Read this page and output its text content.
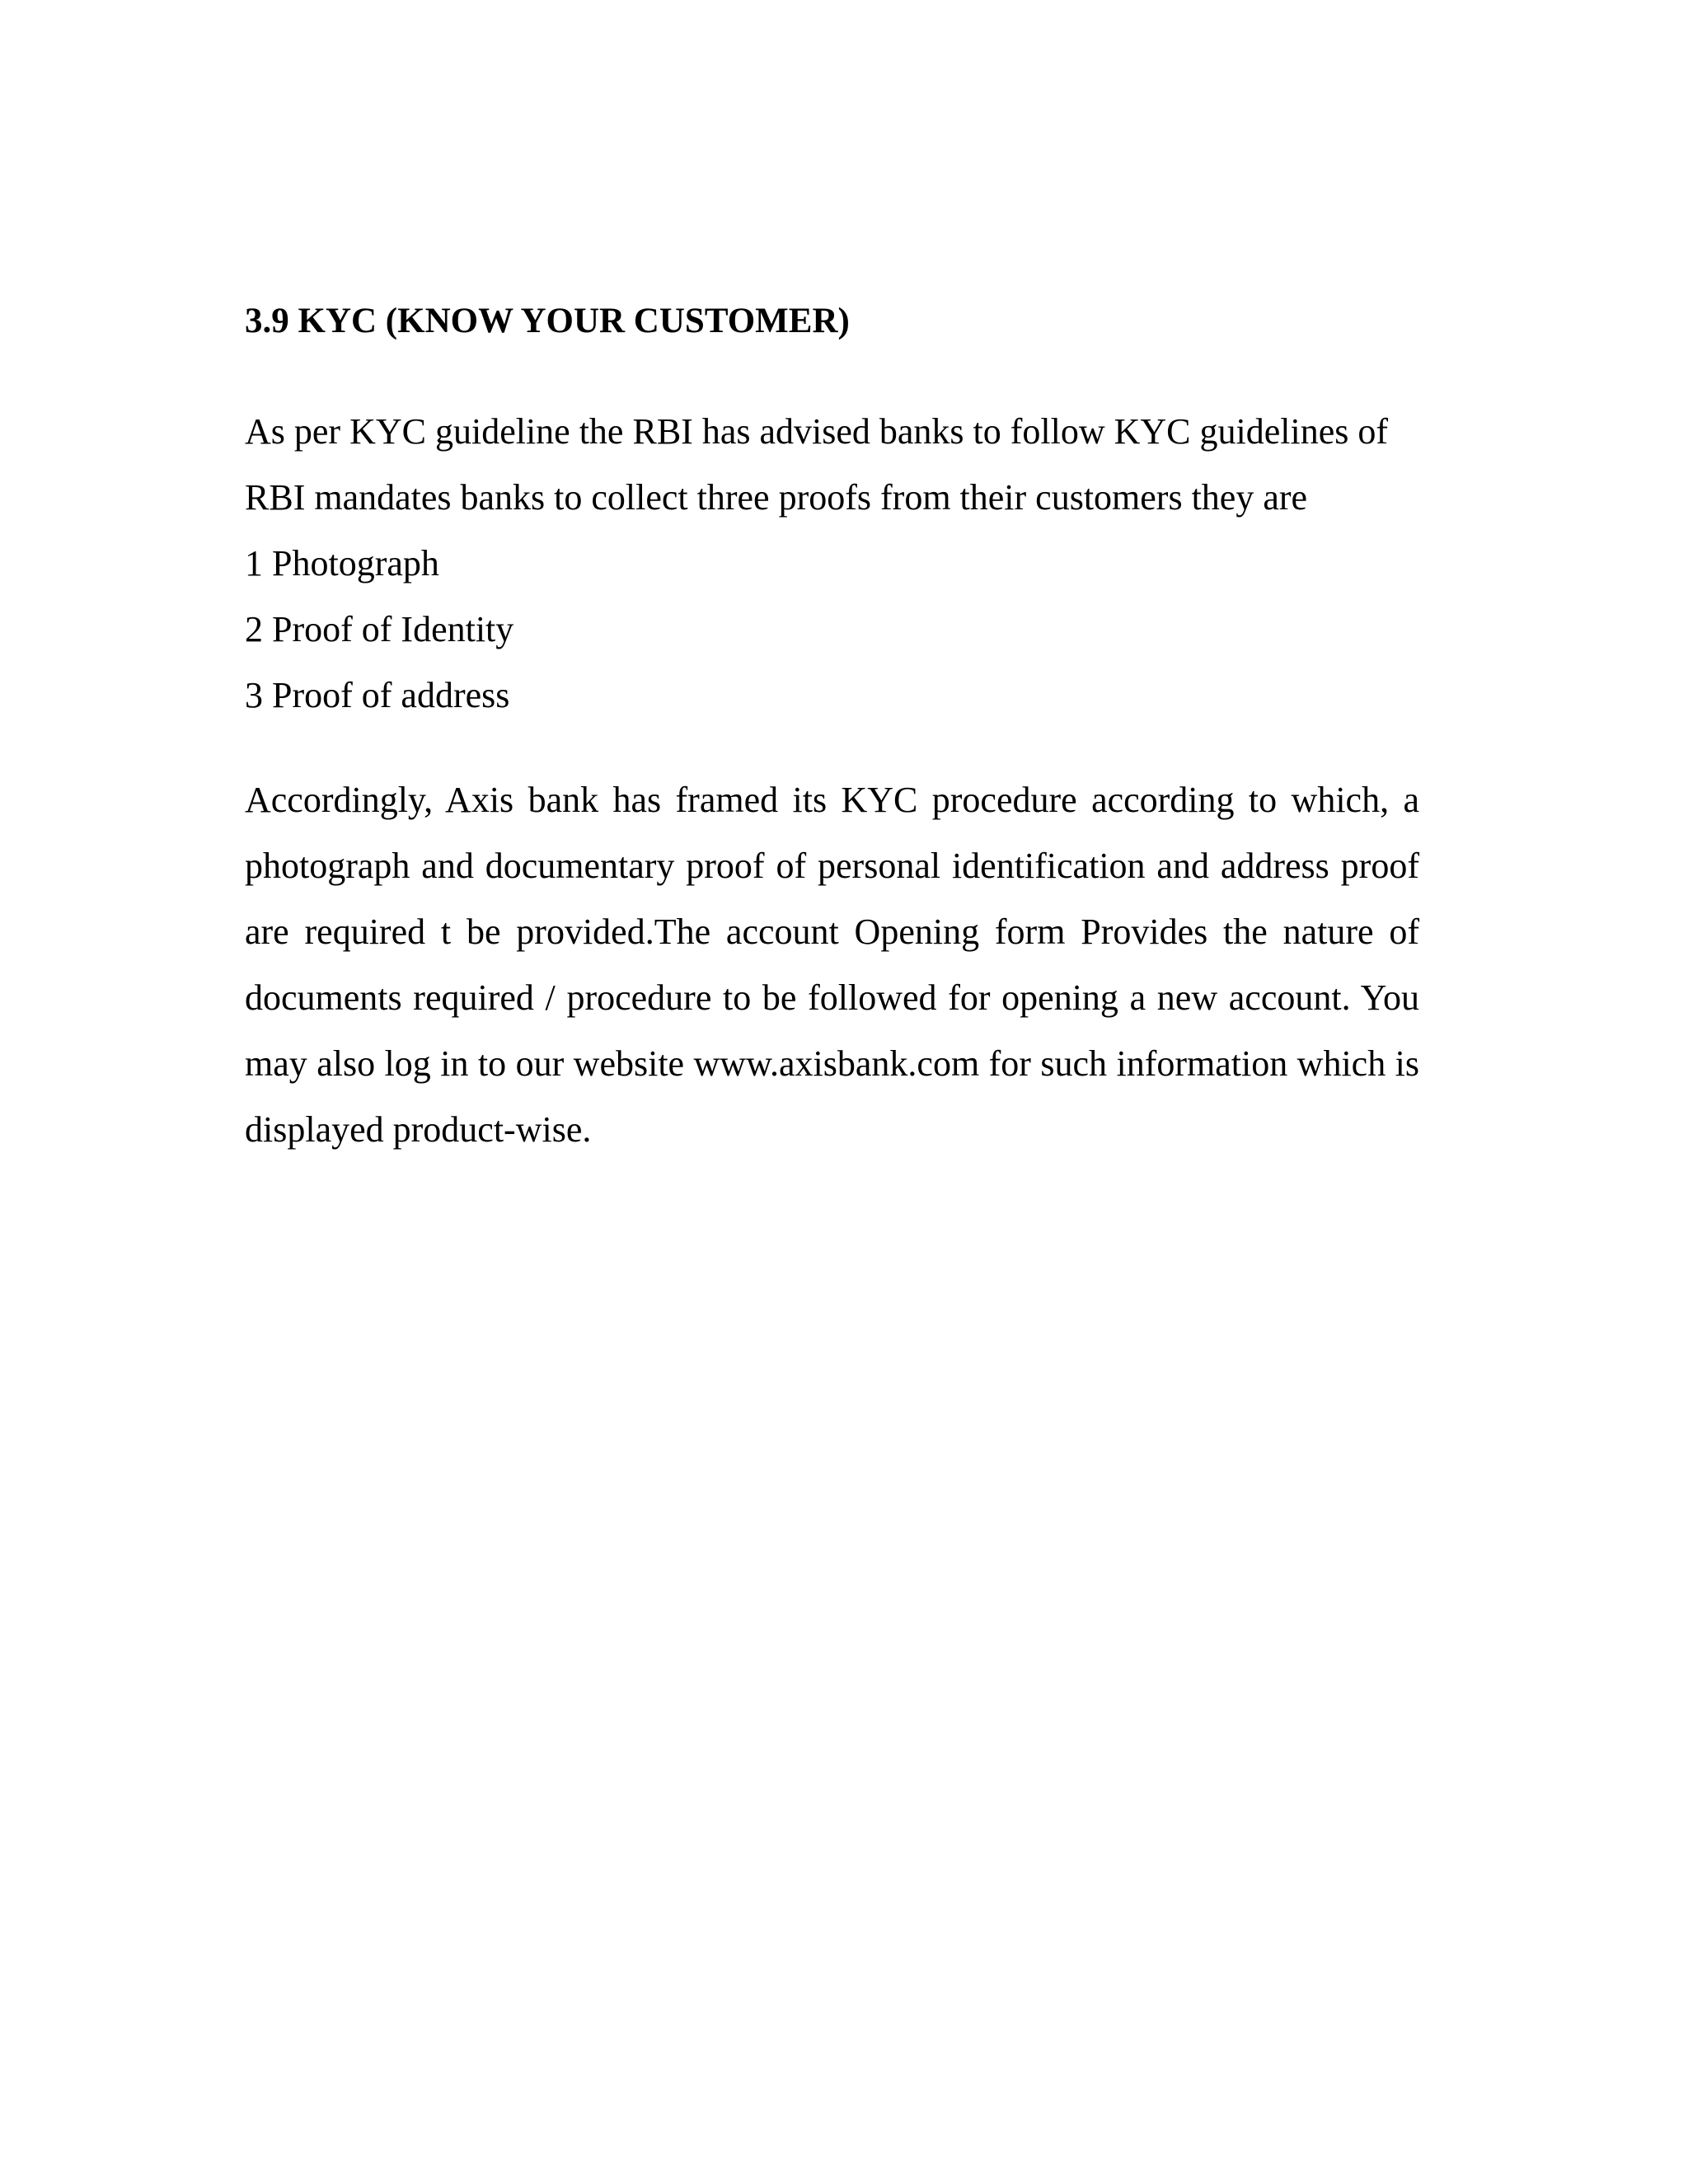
3.9 KYC (KNOW YOUR CUSTOMER)

As per KYC guideline the RBI has advised banks to follow KYC guidelines of RBI mandates banks to collect three proofs from their customers they are

1 Photograph
2 Proof of Identity
3 Proof of address

Accordingly, Axis bank has framed its KYC procedure according to which, a photograph and documentary proof of personal identification and address proof are required t be provided.The account Opening form Provides the nature of documents required / procedure to be followed for opening a new account. You may also log in to our website www.axisbank.com for such information which is displayed product-wise.
